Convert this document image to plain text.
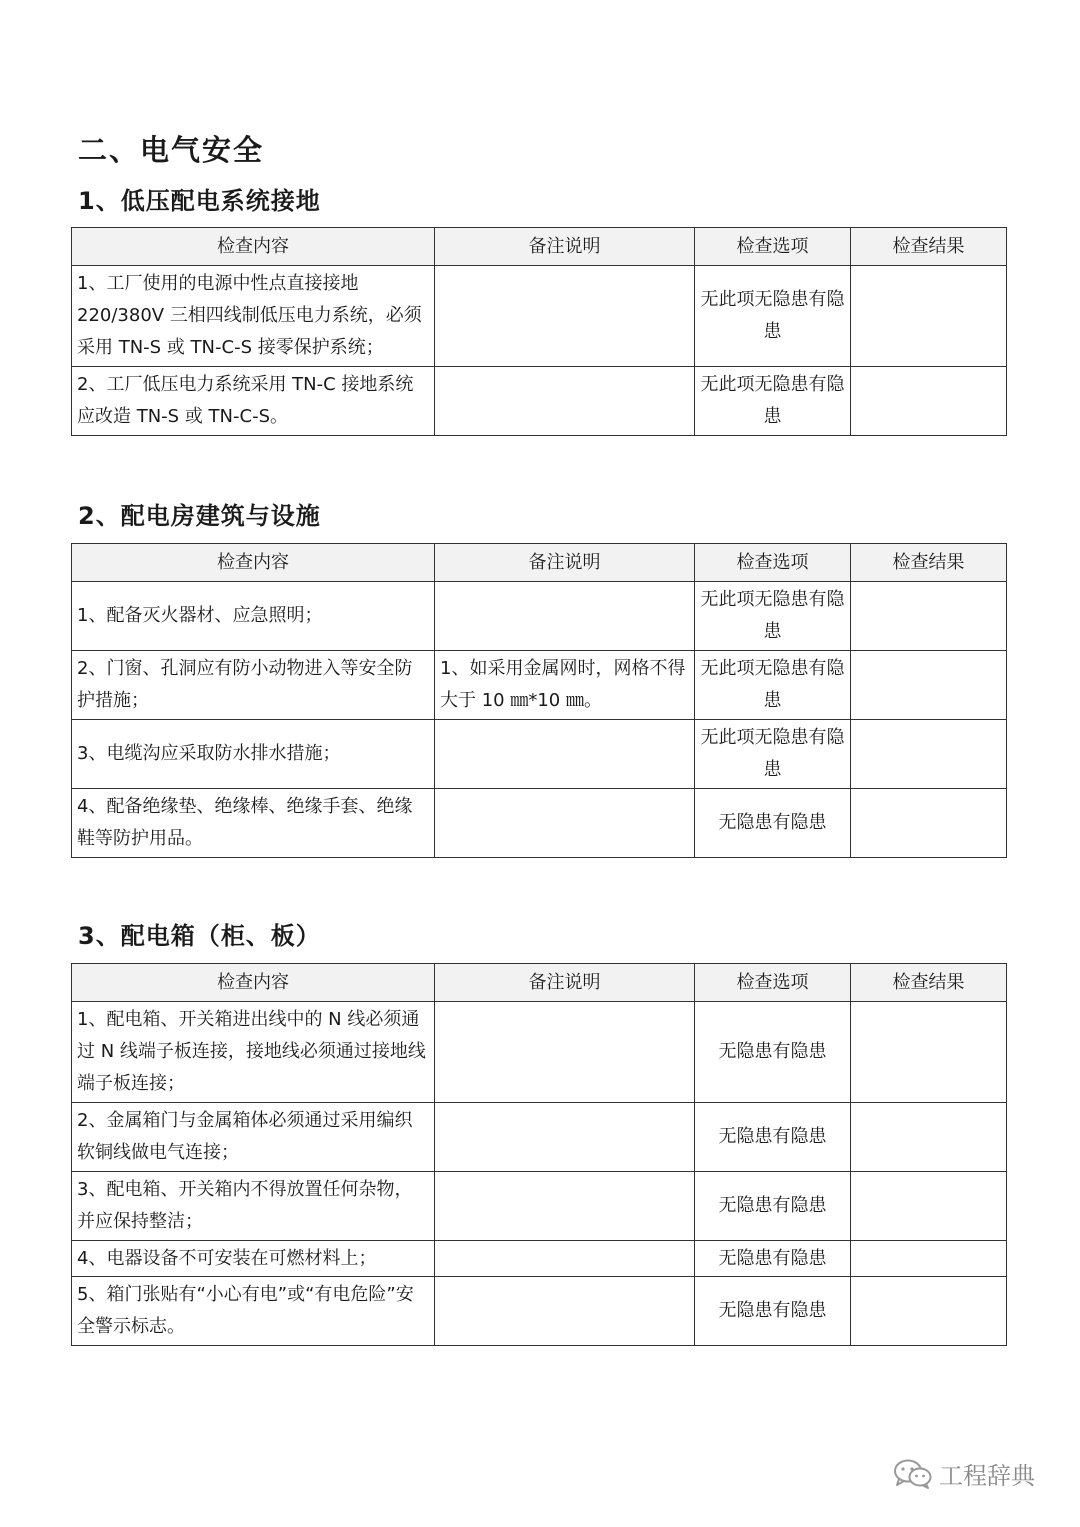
二、电气安全
1、低压配电系统接地
检查内容	备注说明	检查选项	检查结果
1、工厂使用的电源中性点直接接地 220/380V 三相四线制低压电力系统，必须采用 TN-S 或 TN-C-S 接零保护系统；		无此项无隐患有隐患	
2、工厂低压电力系统采用 TN-C 接地系统应改造 TN-S 或 TN-C-S。		无此项无隐患有隐患	
2、配电房建筑与设施
检查内容	备注说明	检查选项	检查结果
1、配备灭火器材、应急照明；		无此项无隐患有隐患	
2、门窗、孔洞应有防小动物进入等安全防护措施；	1、如采用金属网时，网格不得大于 10 ㎜*10 ㎜。	无此项无隐患有隐患	
3、电缆沟应采取防水排水措施；		无此项无隐患有隐患	
4、配备绝缘垫、绝缘棒、绝缘手套、绝缘鞋等防护用品。		无隐患有隐患	
3、配电箱（柜、板）
检查内容	备注说明	检查选项	检查结果
1、配电箱、开关箱进出线中的 N 线必须通过 N 线端子板连接，接地线必须通过接地线端子板连接；		无隐患有隐患	
2、金属箱门与金属箱体必须通过采用编织软铜线做电气连接；		无隐患有隐患	
3、配电箱、开关箱内不得放置任何杂物，并应保持整洁；		无隐患有隐患	
4、电器设备不可安装在可燃材料上；		无隐患有隐患	
5、箱门张贴有“小心有电”或“有电危险”安全警示标志。		无隐患有隐患	
工程辞典
